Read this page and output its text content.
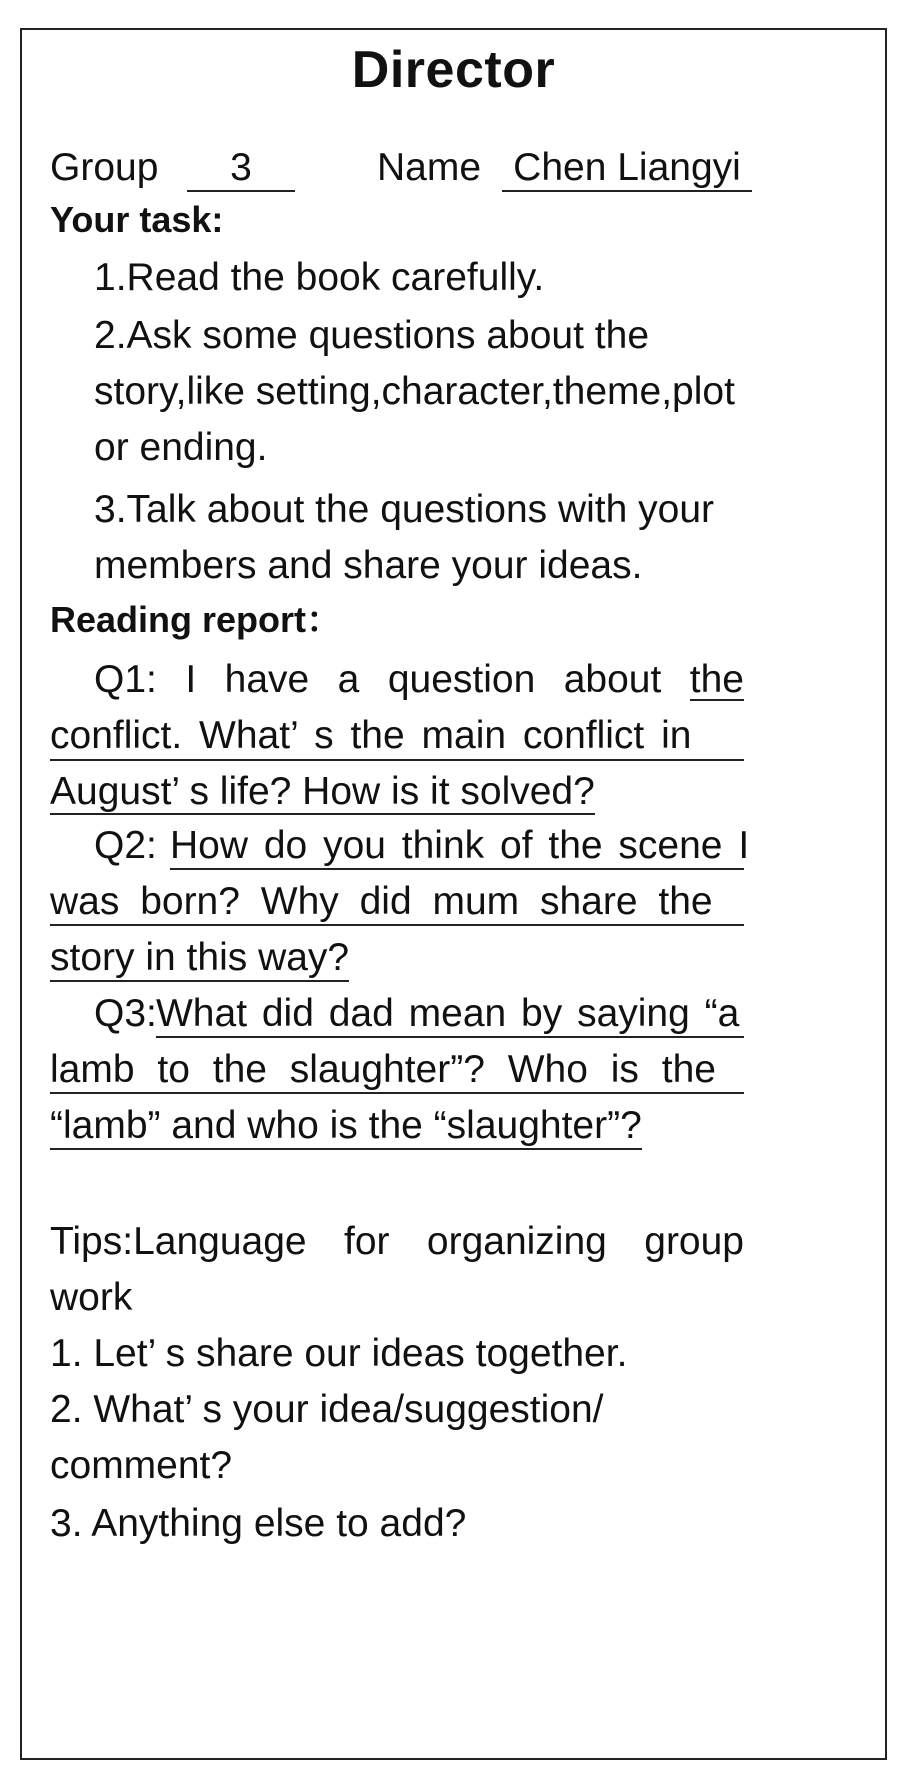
Director
Group	3	Name Chen Liangyi
Your task:
1.Read the book carefully.
2.Ask some questions about the
story,like setting,character,theme,plot
or ending.
3.Talk about the questions with your
members and share your ideas.
Reading report：
Q1: I have a question about the
conflict. What’ s the main conflict in
August’ s life? How is it solved?
Q2: How do you think of the scene I
was born? Why did mum share the
story in this way?
Q3: What did dad mean by saying “a
lamb to the slaughter”? Who is the
“lamb” and who is the “slaughter”?
Tips:Language for organizing group
work
1. Let’ s share our ideas together.
2. What’ s your idea/suggestion/
comment?
3. Anything else to add?
